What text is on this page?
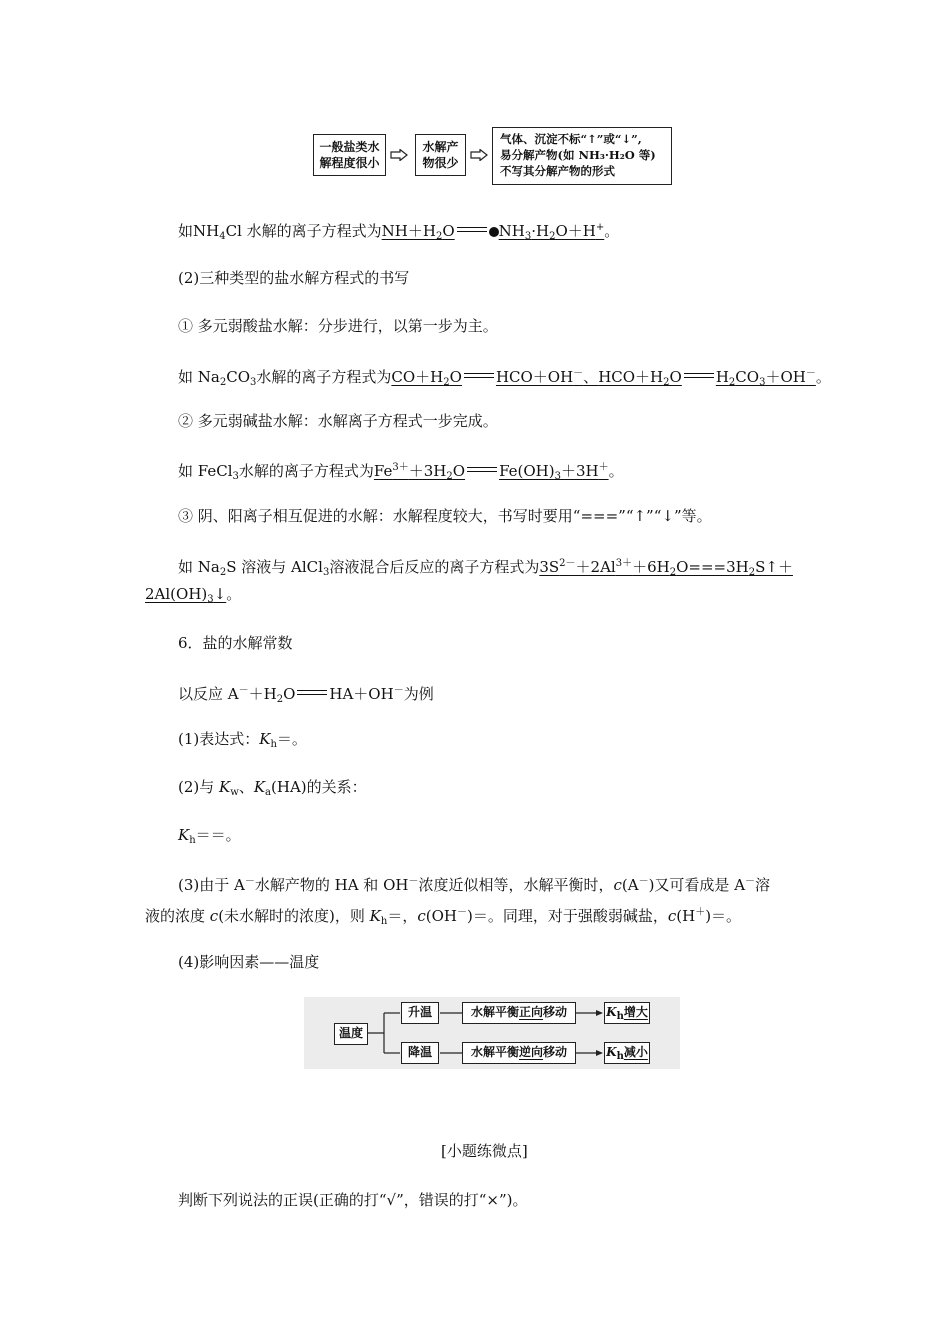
一般盐类水
解程度很小
水解产
物很少
气体、沉淀不标“↑”或“↓”,
易分解产物(如 NH₃·H₂O 等)
不写其分解产物的形式
如$NH_4Cl$ 水解的离子方程式为$NH+H_2O$	$NH_3\cdot H_2O+H^+$。
(2)三种类型的盐水解方程式的书写
① 多元弱酸盐水解：分步进行，以第一步为主。
如 $Na_2CO_3$水解的离子方程式为$CO+H_2O$ HCO＋OH－、$HCO+H_2O$ $H_2CO_3+OH^-$。
② 多元弱碱盐水解：水解离子方程式一步完成。
如 FeCl$_3$水解的离子方程式为$Fe^{3+}+3H_2O$ $Fe(OH)_3+3H^+$。
③ 阴、阳离子相互促进的水解：水解程度较大，书写时要用“===”“↑”“↓”等。
如 $Na_2S$ 溶液与 AlCl$_3$溶液混合后反应的离子方程式为$3S^{2-}+2Al^{3+}+6H_2O===3H_2S↑+$
$2Al(OH)_3↓$。
6．盐的水解常数
以反应 $A^-+H_2O$ HA＋OH－为例
(1)表达式：$K_h=$。
(2)与 $K_w$、$K_a(HA)$的关系：
$K_h==$。
(3)由于 A－水解产物的 HA 和 OH－浓度近似相等，水解平衡时，c(A－)又可看成是 A－溶
液的浓度 c(未水解时的浓度)，则 $K_h=$，c(OH－)＝。同理，对于强酸弱碱盐，c(H＋)＝。
(4)影响因素——温度
温度
升温
降温
水解平衡正向移动
水解平衡逆向移动
$K_h$增大
$K_h$减小
[小题练微点]
判断下列说法的正误(正确的打“√”，错误的打“×”)。
